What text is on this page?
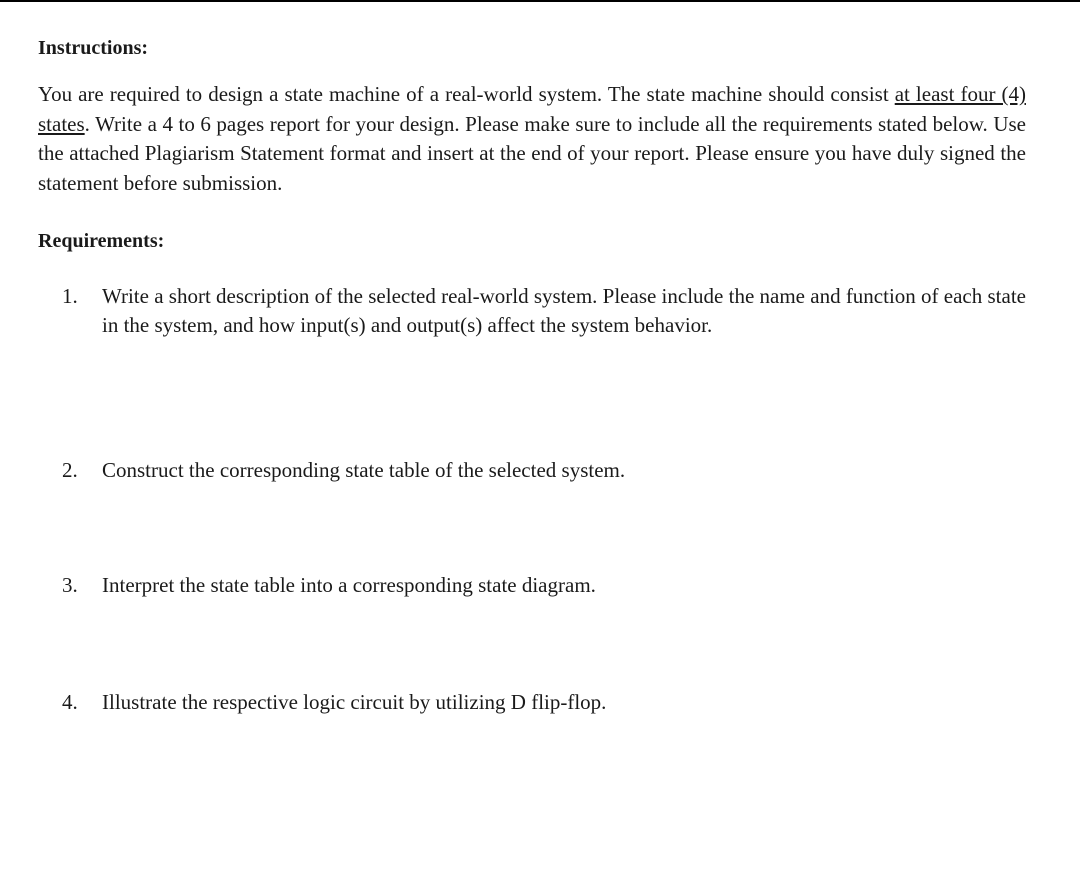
Instructions:

You are required to design a state machine of a real-world system. The state machine should consist at least four (4) states. Write a 4 to 6 pages report for your design. Please make sure to include all the requirements stated below. Use the attached Plagiarism Statement format and insert at the end of your report. Please ensure you have duly signed the statement before submission.

Requirements:
1.	Write a short description of the selected real-world system. Please include the name and function of each state in the system, and how input(s) and output(s) affect the system behavior.
2.	Construct the corresponding state table of the selected system.
3.	Interpret the state table into a corresponding state diagram.
4.	Illustrate the respective logic circuit by utilizing D flip-flop.
